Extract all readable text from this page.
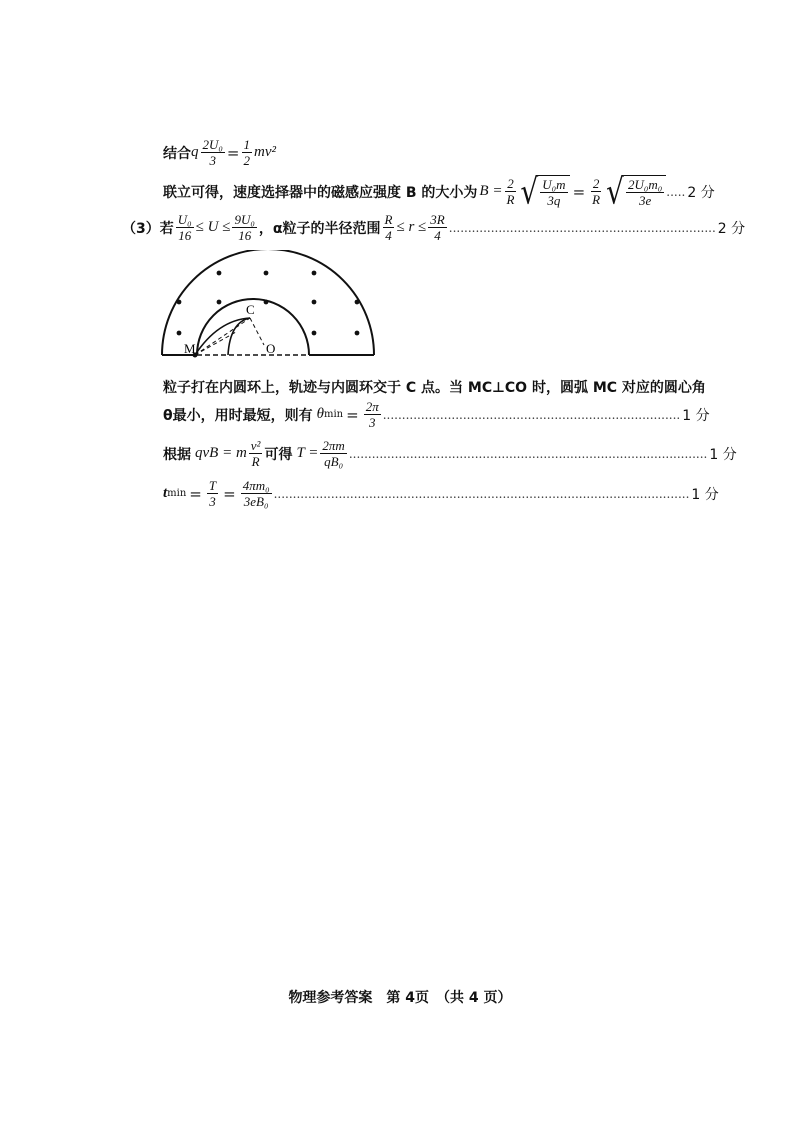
结合 q $\frac{\text{2U₀}}{3} = \frac{1}{2} mv^2$
联立可得，速度选择器中的磁感应强度 B 的大小为 $B = \frac{2}{R}$ √ $\frac{\text{U₀m}}{3q} = \frac{2}{R}$ √ $\frac{\text{2U₀m₀}}{3e}$ ..... 2 分
（3）若 $\frac{\text{U₀}}{16} \le U \le \frac{\text{9U₀}}{16}$ ，α粒子的半径范围 $\frac{R}{4} \le r \le \frac{3R}{4}$ ...................................................................... 2 分
C
M	O
粒子打在内圆环上，轨迹与内圆环交于 C 点。当 MC⊥CO 时，圆弧 MC 对应的圆心角
θ最小，用时最短，则有 θ $\min = \frac{2\pi}{3}$ .............................................................................. 1 分
根据 qvB = m $\frac{\text{v²}}{R}$ 可得 $T = \frac{2\pi m}{\text{qB₀}}$ .............................................................................................. 1 分
t $\min = \frac{T}{3} = \frac{\text{4πm₀}}{\text{3eB₀}}$ ............................................................................................................. 1 分
物理参考答案　第 4页　（共 4 页）
